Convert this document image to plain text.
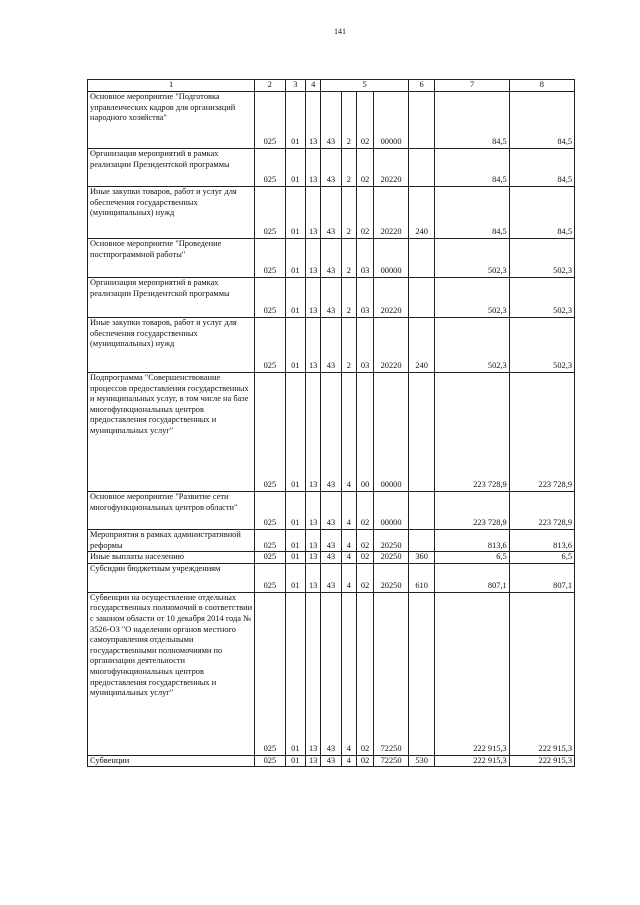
141
1	2	3	4	5				6	7	8
Основное мероприятие "Подготовка управленческих кадров для организаций народного хозяйства"	025	01	13	43	2	02	00000		84,5	84,5
Организация мероприятий в рамках реализации Президентской программы	025	01	13	43	2	02	20220		84,5	84,5
Иные закупки товаров, работ и услуг для обеспечения государственных (муниципальных) нужд	025	01	13	43	2	02	20220	240	84,5	84,5
Основное мероприятие "Проведение постпрограммной работы"	025	01	13	43	2	03	00000		502,3	502,3
Организация мероприятий в рамках реализации Президентской программы	025	01	13	43	2	03	20220		502,3	502,3
Иные закупки товаров, работ и услуг для обеспечения государственных (муниципальных) нужд	025	01	13	43	2	03	20220	240	502,3	502,3
Подпрограмма "Совершенствование процессов предоставления государственных и муниципальных услуг, в том числе на базе многофункциональных центров предоставления государственных и муниципальных услуг"	025	01	13	43	4	00	00000		223 728,9	223 728,9
Основное мероприятие "Развитие сети многофункциональных центров области"	025	01	13	43	4	02	00000		223 728,9	223 728,9
Мероприятия в рамках административной реформы	025	01	13	43	4	02	20250		813,6	813,6
Иные выплаты населению	025	01	13	43	4	02	20250	360	6,5	6,5
Субсидии бюджетным учреждениям	025	01	13	43	4	02	20250	610	807,1	807,1
Субвенции на осуществление отдельных государственных полномочий в соответствии с законом области от 10 декабря 2014 года № 3526-ОЗ "О наделении органов местного самоуправления отдельными государственными полномочиями по организации деятельности многофункциональных центров предоставления государственных и муниципальных услуг"	025	01	13	43	4	02	72250		222 915,3	222 915,3
Субвенции	025	01	13	43	4	02	72250	530	222 915,3	222 915,3
